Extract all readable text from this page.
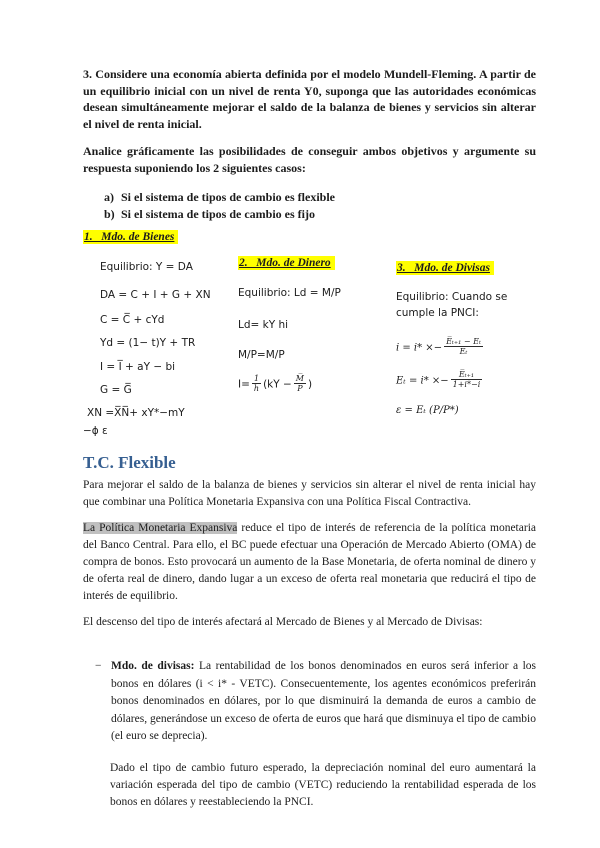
3. Considere una economía abierta definida por el modelo Mundell-Fleming. A partir de un equilibrio inicial con un nivel de renta Y0, suponga que las autoridades económicas desean simultáneamente mejorar el saldo de la balanza de bienes y servicios sin alterar el nivel de renta inicial.

Analice gráficamente las posibilidades de conseguir ambos objetivos y argumente su respuesta suponiendo los 2 siguientes casos:

a) Si el sistema de tipos de cambio es flexible
b) Si el sistema de tipos de cambio es fijo
1.   Mdo. de Bienes
Equilibrio: Y = DA
DA = C + I + G + XN
C = C̅ + cYd
Yd = (1− t)Y + TR
I = I̅ + aY − bi
G = G̅
XN =X̅N̅+ xY*−mY
−ϕ ε
2.   Mdo. de Dinero
Equilibrio: Ld = M/P
Ld= kY hi
M/P=M/P
$I= \frac{1}{h} (kY - \frac{M̅}{P}$ )
3.   Mdo. de Divisas
Equilibrio: Cuando se cumple la PNCI:
$i = i* \times- \frac{\text{E̅ₜ₊₁ − Eₜ}}{\text{Eₜ}}$
$E_t = i* \times- \frac{\text{E̅ₜ₊₁}}{1+i*-i}$
ε = Eₜ (P/P*)
T.C. Flexible

Para mejorar el saldo de la balanza de bienes y servicios sin alterar el nivel de renta inicial hay que combinar una Política Monetaria Expansiva con una Política Fiscal Contractiva.

La Política Monetaria Expansiva reduce el tipo de interés de referencia de la política monetaria del Banco Central. Para ello, el BC puede efectuar una Operación de Mercado Abierto (OMA) de compra de bonos. Esto provocará un aumento de la Base Monetaria, de oferta nominal de dinero y de oferta real de dinero, dando lugar a un exceso de oferta real monetaria que reducirá el tipo de interés de equilibrio.

El descenso del tipo de interés afectará al Mercado de Bienes y al Mercado de Divisas:

− Mdo. de divisas: La rentabilidad de los bonos denominados en euros será inferior a los bonos en dólares (i < i* - VETC). Consecuentemente, los agentes económicos preferirán bonos denominados en dólares, por lo que disminuirá la demanda de euros a cambio de dólares, generándose un exceso de oferta de euros que hará que disminuya el tipo de cambio (el euro se deprecia).

Dado el tipo de cambio futuro esperado, la depreciación nominal del euro aumentará la variación esperada del tipo de cambio (VETC) reduciendo la rentabilidad esperada de los bonos en dólares y reestableciendo la PNCI.
